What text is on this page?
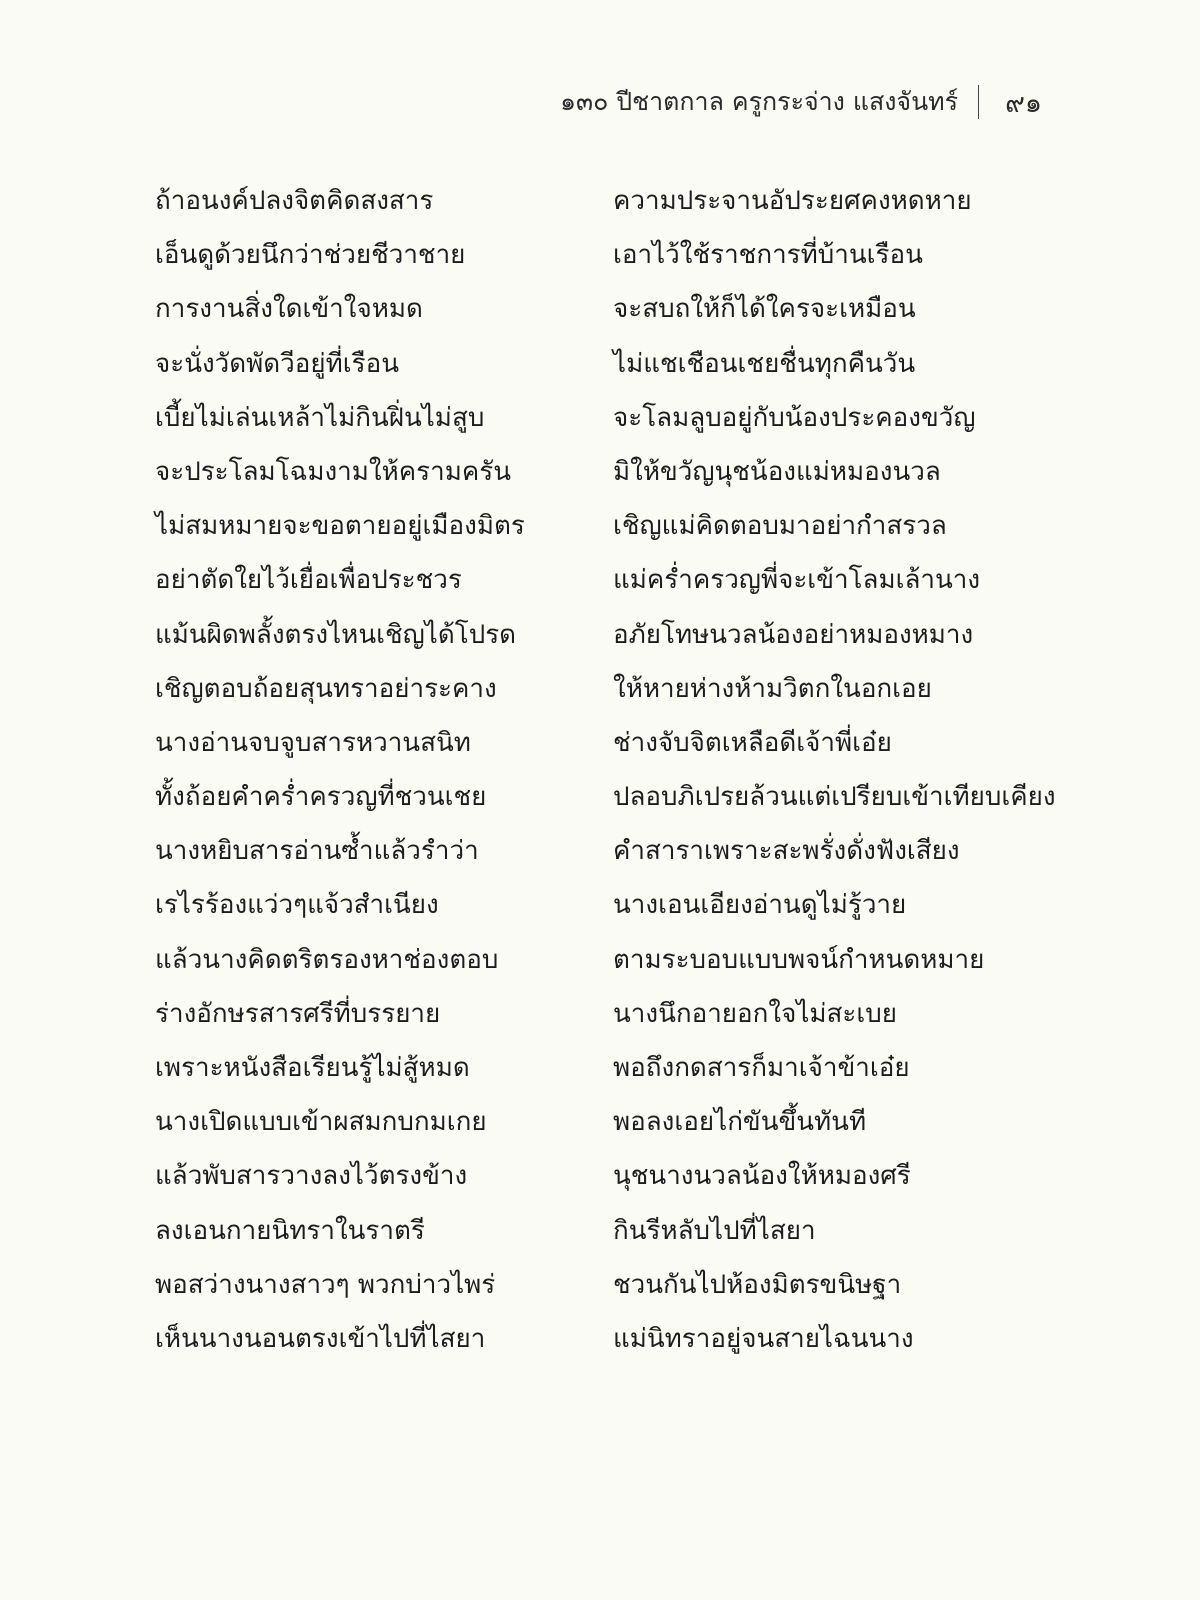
๑๓๐ ปีชาตกาล ครูกระจ่าง แสงจันทร์ ๙๑
ถ้าอนงค์ปลงจิตคิดสงสาร	ความประจานอัประยศคงหดหาย
เอ็นดูด้วยนึกว่าช่วยชีวาชาย	เอาไว้ใช้ราชการที่บ้านเรือน
การงานสิ่งใดเข้าใจหมด	จะสบถให้ก็ได้ใครจะเหมือน
จะนั่งวัดพัดวีอยู่ที่เรือน	ไม่แชเชือนเชยชื่นทุกคืนวัน
เบี้ยไม่เล่นเหล้าไม่กินฝิ่นไม่สูบ	จะโลมลูบอยู่กับน้องประคองขวัญ
จะประโลมโฉมงามให้ครามครัน	มิให้ขวัญนุชน้องแม่หมองนวล
ไม่สมหมายจะขอตายอยู่เมืองมิตร	เชิญแม่คิดตอบมาอย่ากำสรวล
อย่าตัดใยไว้เยื่อเพื่อประชวร	แม่คร่ำครวญพี่จะเข้าโลมเล้านาง
แม้นผิดพลั้งตรงไหนเชิญได้โปรด	อภัยโทษนวลน้องอย่าหมองหมาง
เชิญตอบถ้อยสุนทราอย่าระคาง	ให้หายห่างห้ามวิตกในอกเอย
นางอ่านจบจูบสารหวานสนิท	ช่างจับจิตเหลือดีเจ้าพี่เอ๋ย
ทั้งถ้อยคำคร่ำครวญที่ชวนเชย	ปลอบภิเปรยล้วนแต่เปรียบเข้าเทียบเคียง
นางหยิบสารอ่านซ้ำแล้วรำว่า	คำสาราเพราะสะพรั่งดั่งฟังเสียง
เรไรร้องแว่วๆแจ้วสำเนียง	นางเอนเอียงอ่านดูไม่รู้วาย
แล้วนางคิดตริตรองหาช่องตอบ	ตามระบอบแบบพจน์กำหนดหมาย
ร่างอักษรสารศรีที่บรรยาย	นางนึกอายอกใจไม่สะเบย
เพราะหนังสือเรียนรู้ไม่สู้หมด	พอถึงกดสารก็มาเจ้าข้าเอ๋ย
นางเปิดแบบเข้าผสมกบกมเกย	พอลงเอยไก่ขันขึ้นทันที
แล้วพับสารวางลงไว้ตรงข้าง	นุชนางนวลน้องให้หมองศรี
ลงเอนกายนิทราในราตรี	กินรีหลับไปที่ไสยา
พอสว่างนางสาวๆ พวกบ่าวไพร่	ชวนกันไปห้องมิตรขนิษฐา
เห็นนางนอนตรงเข้าไปที่ไสยา	แม่นิทราอยู่จนสายไฉนนาง
